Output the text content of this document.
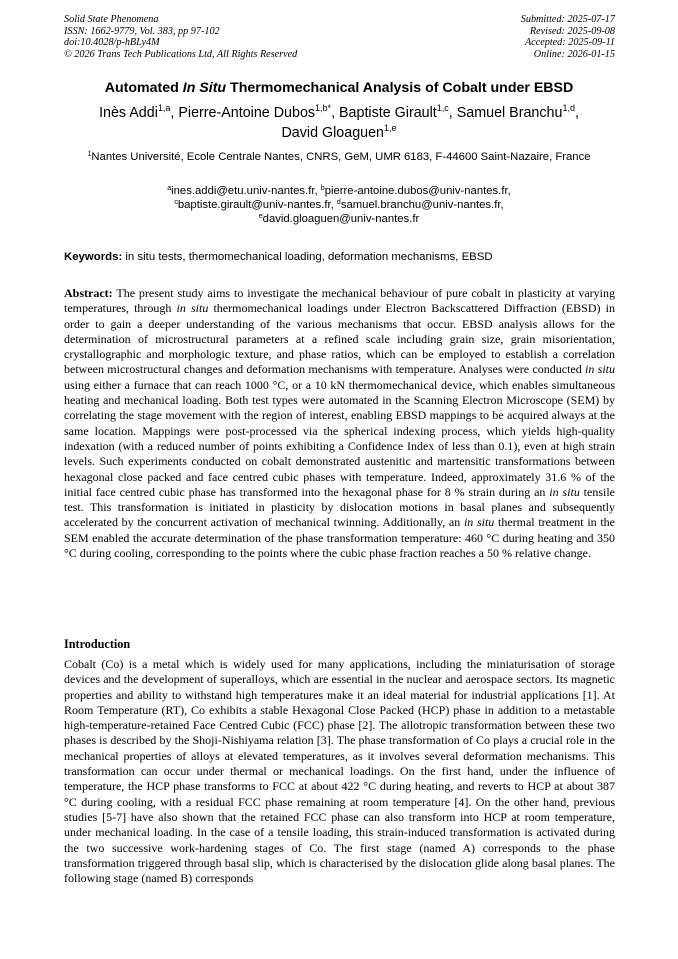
Solid State Phenomena
ISSN: 1662-9779, Vol. 383, pp 97-102
doi:10.4028/p-hBLy4M
© 2026 Trans Tech Publications Ltd, All Rights Reserved
Submitted: 2025-07-17
Revised: 2025-09-08
Accepted: 2025-09-11
Online: 2026-01-15
Automated In Situ Thermomechanical Analysis of Cobalt under EBSD
Inès Addi$^{1,a}$, Pierre-Antoine Dubos$^{1,b*}$, Baptiste Girault$^{1,c}$, Samuel Branchu$^{1,d}$,
David Gloaguen$^{1,e}$
$^1$Nantes Université, Ecole Centrale Nantes, CNRS, GeM, UMR 6183, F-44600 Saint-Nazaire, France
$^a$ines.addi@etu.univ-nantes.fr, $^b$pierre-antoine.dubos@univ-nantes.fr,
$^c$baptiste.girault@univ-nantes.fr, $^d$samuel.branchu@univ-nantes.fr,
$^e$david.gloaguen@univ-nantes.fr
Keywords: in situ tests, thermomechanical loading, deformation mechanisms, EBSD
Abstract: The present study aims to investigate the mechanical behaviour of pure cobalt in plasticity at varying temperatures, through in situ thermomechanical loadings under Electron Backscattered Diffraction (EBSD) in order to gain a deeper understanding of the various mechanisms that occur. EBSD analysis allows for the determination of microstructural parameters at a refined scale including grain size, grain misorientation, crystallographic and morphologic texture, and phase ratios, which can be employed to establish a correlation between microstructural changes and deformation mechanisms with temperature. Analyses were conducted in situ using either a furnace that can reach 1000 °C, or a 10 kN thermomechanical device, which enables simultaneous heating and mechanical loading. Both test types were automated in the Scanning Electron Microscope (SEM) by correlating the stage movement with the region of interest, enabling EBSD mappings to be acquired always at the same location. Mappings were post-processed via the spherical indexing process, which yields high-quality indexation (with a reduced number of points exhibiting a Confidence Index of less than 0.1), even at high strain levels. Such experiments conducted on cobalt demonstrated austenitic and martensitic transformations between hexagonal close packed and face centred cubic phases with temperature. Indeed, approximately 31.6 % of the initial face centred cubic phase has transformed into the hexagonal phase for 8 % strain during an in situ tensile test. This transformation is initiated in plasticity by dislocation motions in basal planes and subsequently accelerated by the concurrent activation of mechanical twinning. Additionally, an in situ thermal treatment in the SEM enabled the accurate determination of the phase transformation temperature: 460 °C during heating and 350 °C during cooling, corresponding to the points where the cubic phase fraction reaches a 50 % relative change.
Introduction
Cobalt (Co) is a metal which is widely used for many applications, including the miniaturisation of storage devices and the development of superalloys, which are essential in the nuclear and aerospace sectors. Its magnetic properties and ability to withstand high temperatures make it an ideal material for industrial applications [1]. At Room Temperature (RT), Co exhibits a stable Hexagonal Close Packed (HCP) phase in addition to a metastable high-temperature-retained Face Centred Cubic (FCC) phase [2]. The allotropic transformation between these two phases is described by the Shoji-Nishiyama relation [3]. The phase transformation of Co plays a crucial role in the mechanical properties of alloys at elevated temperatures, as it involves several deformation mechanisms. This transformation can occur under thermal or mechanical loadings. On the first hand, under the influence of temperature, the HCP phase transforms to FCC at about 422 °C during heating, and reverts to HCP at about 387 °C during cooling, with a residual FCC phase remaining at room temperature [4]. On the other hand, previous studies [5-7] have also shown that the retained FCC phase can also transform into HCP at room temperature, under mechanical loading. In the case of a tensile loading, this strain-induced transformation is activated during the two successive work-hardening stages of Co. The first stage (named A) corresponds to the phase transformation triggered through basal slip, which is characterised by the dislocation glide along basal planes. The following stage (named B) corresponds
